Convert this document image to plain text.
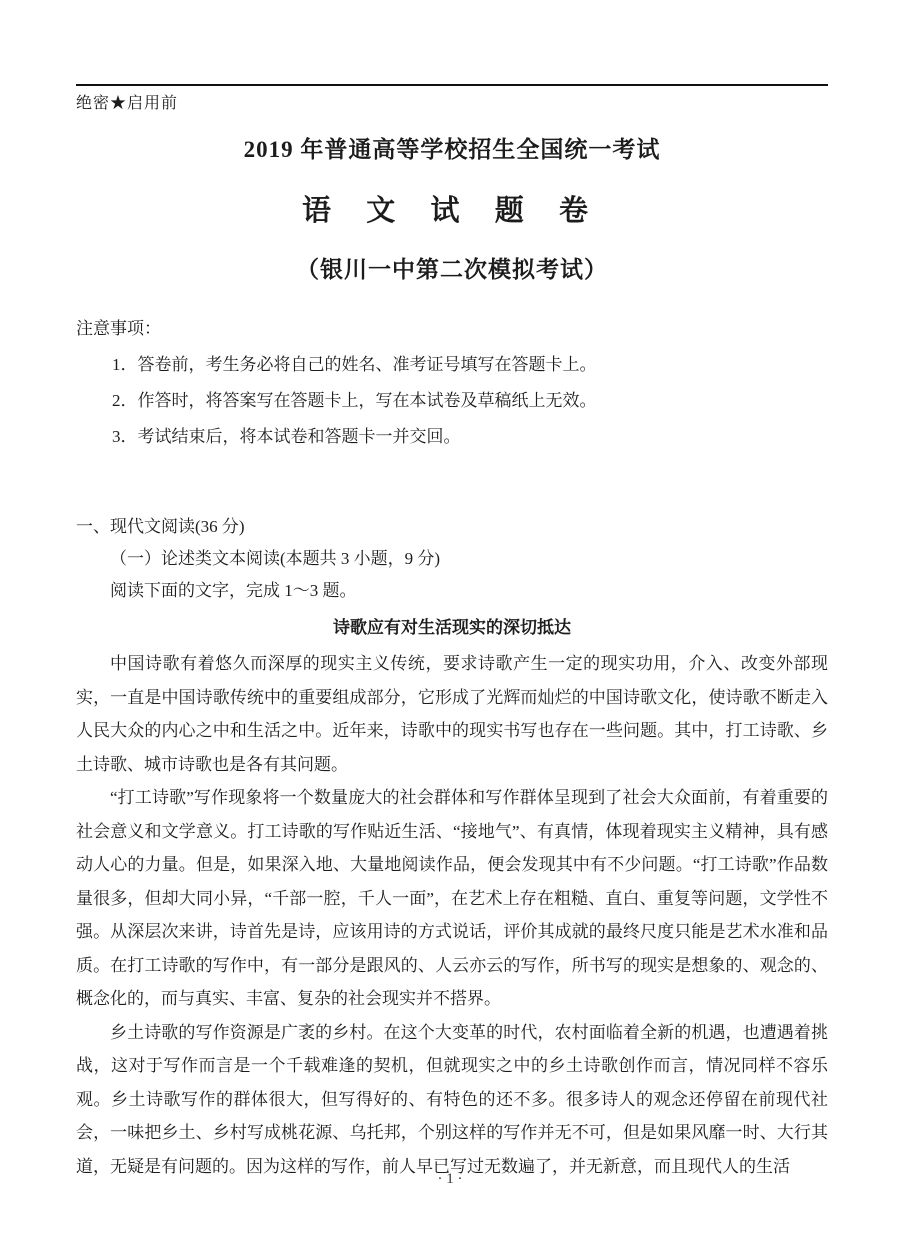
绝密★启用前
2019 年普通高等学校招生全国统一考试
语 文 试 题 卷
（银川一中第二次模拟考试）
注意事项：
1．答卷前，考生务必将自己的姓名、准考证号填写在答题卡上。
2．作答时，将答案写在答题卡上，写在本试卷及草稿纸上无效。
3．考试结束后，将本试卷和答题卡一并交回。
一、现代文阅读(36 分)
（一）论述类文本阅读(本题共 3 小题，9 分)
阅读下面的文字，完成 1～3 题。
诗歌应有对生活现实的深切抵达

中国诗歌有着悠久而深厚的现实主义传统，要求诗歌产生一定的现实功用，介入、改变外部现实，一直是中国诗歌传统中的重要组成部分，它形成了光辉而灿烂的中国诗歌文化，使诗歌不断走入人民大众的内心之中和生活之中。近年来，诗歌中的现实书写也存在一些问题。其中，打工诗歌、乡土诗歌、城市诗歌也是各有其问题。

“打工诗歌”写作现象将一个数量庞大的社会群体和写作群体呈现到了社会大众面前，有着重要的社会意义和文学意义。打工诗歌的写作贴近生活、“接地气”、有真情，体现着现实主义精神，具有感动人心的力量。但是，如果深入地、大量地阅读作品，便会发现其中有不少问题。“打工诗歌”作品数量很多，但却大同小异，“千部一腔，千人一面”，在艺术上存在粗糙、直白、重复等问题，文学性不强。从深层次来讲，诗首先是诗，应该用诗的方式说话，评价其成就的最终尺度只能是艺术水准和品质。在打工诗歌的写作中，有一部分是跟风的、人云亦云的写作，所书写的现实是想象的、观念的、概念化的，而与真实、丰富、复杂的社会现实并不搭界。

乡土诗歌的写作资源是广袤的乡村。在这个大变革的时代，农村面临着全新的机遇，也遭遇着挑战，这对于写作而言是一个千载难逢的契机，但就现实之中的乡土诗歌创作而言，情况同样不容乐观。乡土诗歌写作的群体很大，但写得好的、有特色的还不多。很多诗人的观念还停留在前现代社会，一味把乡土、乡村写成桃花源、乌托邦，个别这样的写作并无不可，但是如果风靡一时、大行其道，无疑是有问题的。因为这样的写作，前人早已写过无数遍了，并无新意，而且现代人的生活

· 1 ·
